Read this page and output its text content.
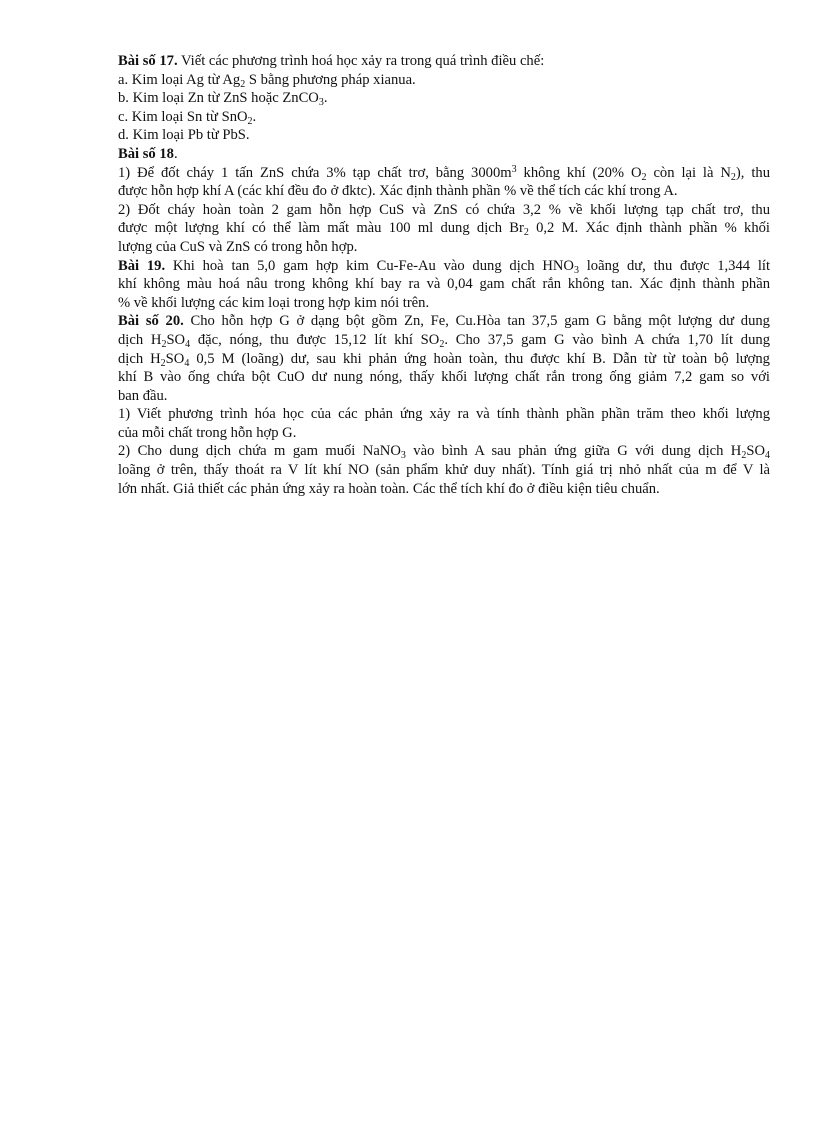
Bài số 17. Viết các phương trình hoá học xảy ra trong quá trình điều chế:
a. Kim loại Ag từ $Ag_2$ S bằng phương pháp xianua.
b. Kim loại Zn từ ZnS hoặc ZnCO$_3$.
c. Kim loại Sn từ SnO$_2$.
d. Kim loại Pb từ PbS.
Bài số 18.
1) Để đốt cháy 1 tấn ZnS chứa 3% tạp chất trơ, bằng $3000m^3$ không khí (20% $O_2$ còn lại là $N_2$), thu
được hỗn hợp khí A (các khí đều đo ở đktc). Xác định thành phần % về thể tích các khí trong A.
2) Đốt cháy hoàn toàn 2 gam hỗn hợp CuS và ZnS có chứa 3,2 % về khối lượng tạp chất trơ, thu
được một lượng khí có thể làm mất màu 100 ml dung dịch $Br_2$ 0,2 M. Xác định thành phần % khối
lượng của CuS và ZnS có trong hỗn hợp.
Bài 19. Khi hoà tan 5,0 gam hợp kim Cu-Fe-Au vào dung dịch $HNO_3$ loãng dư, thu được 1,344 lít
khí không màu hoá nâu trong không khí bay ra và 0,04 gam chất rắn không tan. Xác định thành phần
% về khối lượng các kim loại trong hợp kim nói trên.
Bài số 20. Cho hỗn hợp G ở dạng bột gồm Zn, Fe, Cu.Hòa tan 37,5 gam G bằng một lượng dư dung
dịch $H_2SO_4$ đặc, nóng, thu được 15,12 lít khí $SO_2$. Cho 37,5 gam G vào bình A chứa 1,70 lít dung
dịch $H_2SO_4$ 0,5 M (loãng) dư, sau khi phản ứng hoàn toàn, thu được khí B. Dẫn từ từ toàn bộ lượng
khí B vào ống chứa bột CuO dư nung nóng, thấy khối lượng chất rắn trong ống giảm 7,2 gam so với
ban đầu.
1) Viết phương trình hóa học của các phản ứng xảy ra và tính thành phần phần trăm theo khối lượng
của mỗi chất trong hỗn hợp G.
2) Cho dung dịch chứa m gam muối NaNO$_3$ vào bình A sau phản ứng giữa G với dung dịch $H_2SO_4$
loãng ở trên, thấy thoát ra V lít khí NO (sản phẩm khử duy nhất). Tính giá trị nhỏ nhất của m để V là
lớn nhất. Giả thiết các phản ứng xảy ra hoàn toàn. Các thể tích khí đo ở điều kiện tiêu chuẩn.
